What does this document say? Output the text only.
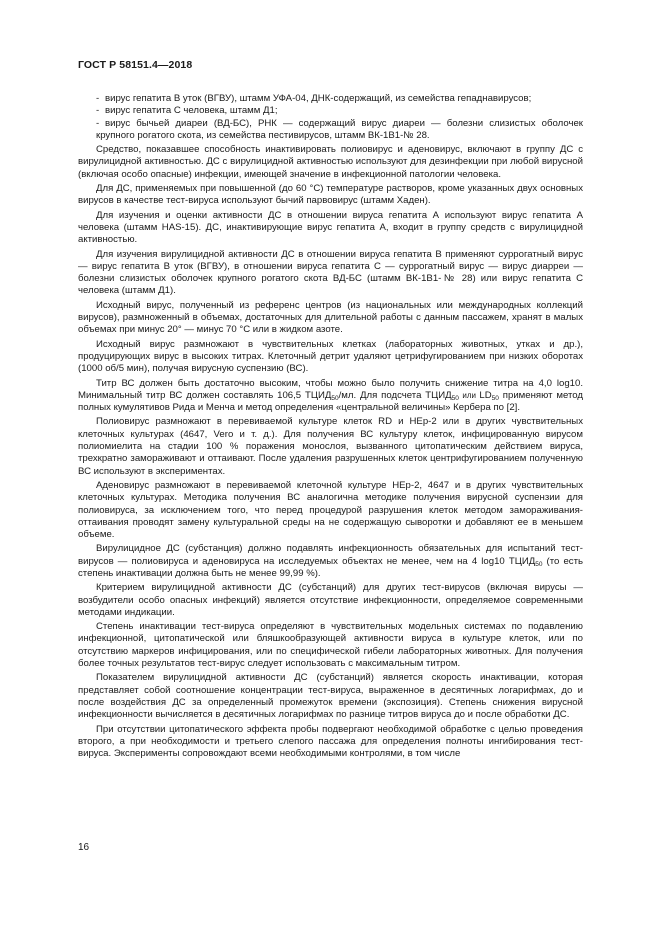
ГОСТ Р 58151.4—2018

- вирус гепатита В уток (ВГВУ), штамм УФА-04, ДНК-содержащий, из семейства гепаднавирусов;

- вирус гепатита С человека, штамм Д1;

- вирус бычьей диареи (ВД-БС), РНК — содержащий вирус диареи — болезни слизистых оболочек крупного рогатого скота, из семейства пестивирусов, штамм ВК-1В1-№ 28.

Средство, показавшее способность инактивировать полиовирус и аденовирус, включают в группу ДС с вирулицидной активностью. ДС с вирулицидной активностью используют для дезинфекции при любой вирусной (включая особо опасные) инфекции, имеющей значение в инфекционной патологии человека.

Для ДС, применяемых при повышенной (до 60 °C) температуре растворов, кроме указанных двух основных вирусов в качестве тест-вируса используют бычий парвовирус (штамм Хаден).

Для изучения и оценки активности ДС в отношении вируса гепатита А используют вирус гепатита А человека (штамм HAS-15). ДС, инактивирующие вирус гепатита А, входит в группу средств с вирулицидной активностью.

Для изучения вирулицидной активности ДС в отношении вируса гепатита В применяют суррогатный вирус — вирус гепатита В уток (ВГВУ), в отношении вируса гепатита С — суррогатный вирус — вирус диарреи — болезни слизистых оболочек крупного рогатого скота ВД-БС (штамм ВК-1В1-№ 28) или вирус гепатита С человека (штамм Д1).

Исходный вирус, полученный из референс центров (из национальных или международных коллекций вирусов), размноженный в объемах, достаточных для длительной работы с данным пассажем, хранят в малых объемах при минус 20° — минус 70 °C или в жидком азоте.

Исходный вирус размножают в чувствительных клетках (лабораторных животных, утках и др.), продуцирующих вирус в высоких титрах. Клеточный детрит удаляют цетрифугированием при низких оборотах (1000 об/5 мин), получая вирусную суспензию (ВС).

Титр ВС должен быть достаточно высоким, чтобы можно было получить снижение титра на 4,0 log10. Минимальный титр ВС должен составлять 106,5 $ТЦИД_{50}/мл$. Для подсчета $ТЦИД_{50}$ или $LD_{50}$ применяют метод полных кумулятивов Рида и Менча и метод определения «центральной величины» Кербера по [2].

Полиовирус размножают в перевиваемой культуре клеток RD и НЕр-2 или в других чувствительных клеточных культурах (4647, Vero и т. д.). Для получения ВС культуру клеток, инфицированную вирусом полиомиелита на стадии 100 % поражения монослоя, вызванного цитопатическим действием вируса, трехкратно замораживают и оттаивают. После удаления разрушенных клеток центрифугированием полученную ВС используют в экспериментах.

Аденовирус размножают в перевиваемой клеточной культуре НЕр-2, 4647 и в других чувствительных клеточных культурах. Методика получения ВС аналогична методике получения вирусной суспензии для полиовируса, за исключением того, что перед процедурой разрушения клеток методом замораживания-оттаивания проводят замену культуральной среды на не содержащую сыворотки и добавляют ее в меньшем объеме.

Вирулицидное ДС (субстанция) должно подавлять инфекционность обязательных для испытаний тест-вирусов — полиовируса и аденовируса на исследуемых объектах не менее, чем на 4 log10 $ТЦИД_{50}$ (то есть степень инактивации должна быть не менее 99,99 %).

Критерием вирулицидной активности ДС (субстанций) для других тест-вирусов (включая вирусы — возбудители особо опасных инфекций) является отсутствие инфекционности, определяемое современными методами индикации.

Степень инактивации тест-вируса определяют в чувствительных модельных системах по подавлению инфекционной, цитопатической или бляшкообразующей активности вируса в культуре клеток, или по отсутствию маркеров инфицирования, или по специфической гибели лабораторных животных. Для получения более точных результатов тест-вирус следует использовать с максимальным титром.

Показателем вирулицидной активности ДС (субстанций) является скорость инактивации, которая представляет собой соотношение концентрации тест-вируса, выраженное в десятичных логарифмах, до и после воздействия ДС за определенный промежуток времени (экспозиция). Степень снижения вирусной инфекционности вычисляется в десятичных логарифмах по разнице титров вируса до и после обработки ДС.

При отсутствии цитопатического эффекта пробы подвергают необходимой обработке с целью проведения второго, а при необходимости и третьего слепого пассажа для определения полноты ингибирования тест-вируса. Эксперименты сопровождают всеми необходимыми контролями, в том числе

16
